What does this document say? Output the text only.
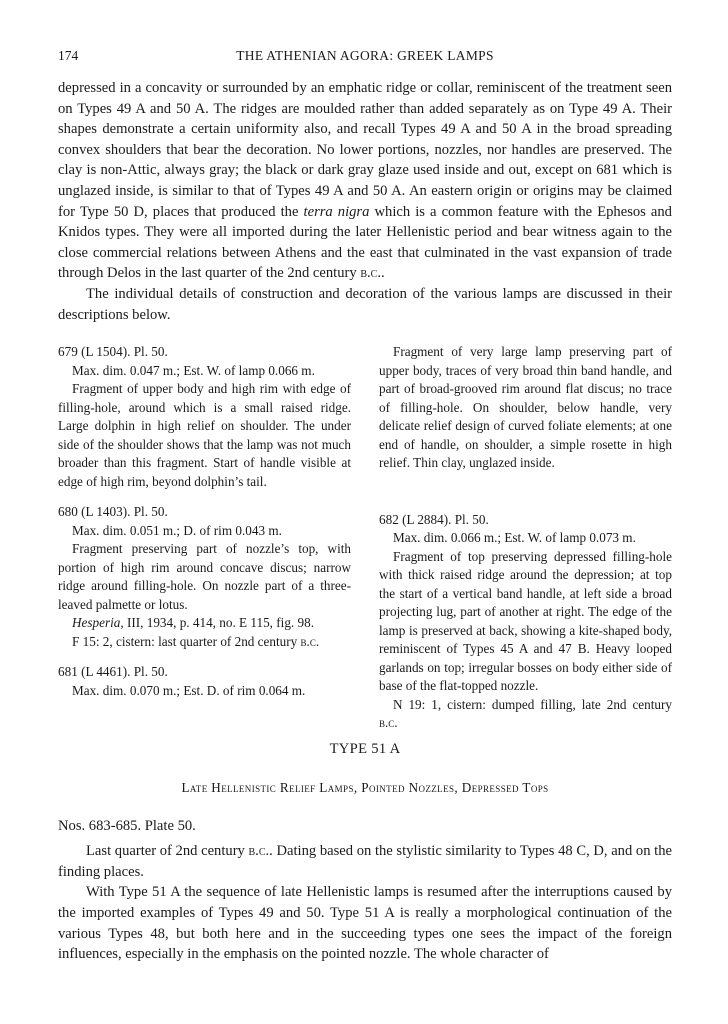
174	THE ATHENIAN AGORA: GREEK LAMPS

depressed in a concavity or surrounded by an emphatic ridge or collar, reminiscent of the treatment seen on Types 49 A and 50 A. The ridges are moulded rather than added separately as on Type 49 A. Their shapes demonstrate a certain uniformity also, and recall Types 49 A and 50 A in the broad spreading convex shoulders that bear the decoration. No lower portions, nozzles, nor handles are preserved. The clay is non-Attic, always gray; the black or dark gray glaze used inside and out, except on 681 which is unglazed inside, is similar to that of Types 49 A and 50 A. An eastern origin or origins may be claimed for Type 50 D, places that produced the terra nigra which is a common feature with the Ephesos and Knidos types. They were all imported during the later Hellenistic period and bear witness again to the close commercial relations between Athens and the east that culminated in the vast expansion of trade through Delos in the last quarter of the 2nd century b.c..

The individual details of construction and decoration of the various lamps are discussed in their descriptions below.

679 (L 1504). Pl. 50.

Max. dim. 0.047 m.; Est. W. of lamp 0.066 m.

Fragment of upper body and high rim with edge of filling-hole, around which is a small raised ridge. Large dolphin in high relief on shoulder. The under side of the shoulder shows that the lamp was not much broader than this fragment. Start of handle visible at edge of high rim, beyond dolphin’s tail.

680 (L 1403). Pl. 50.

Max. dim. 0.051 m.; D. of rim 0.043 m.

Fragment preserving part of nozzle’s top, with portion of high rim around concave discus; narrow ridge around filling-hole. On nozzle part of a three-leaved palmette or lotus.

Hesperia, III, 1934, p. 414, no. E 115, fig. 98.

F 15: 2, cistern: last quarter of 2nd century b.c.

681 (L 4461). Pl. 50.

Max. dim. 0.070 m.; Est. D. of rim 0.064 m.

Fragment of very large lamp preserving part of upper body, traces of very broad thin band handle, and part of broad-grooved rim around flat discus; no trace of filling-hole. On shoulder, below handle, very delicate relief design of curved foliate elements; at one end of handle, on shoulder, a simple rosette in high relief. Thin clay, unglazed inside.

682 (L 2884). Pl. 50.

Max. dim. 0.066 m.; Est. W. of lamp 0.073 m.

Fragment of top preserving depressed filling-hole with thick raised ridge around the depression; at top the start of a vertical band handle, at left side a broad projecting lug, part of another at right. The edge of the lamp is preserved at back, showing a kite-shaped body, reminiscent of Types 45 A and 47 B. Heavy looped garlands on top; irregular bosses on body either side of base of the flat-topped nozzle.

N 19: 1, cistern: dumped filling, late 2nd century b.c.

TYPE 51 A

Late Hellenistic Relief Lamps, Pointed Nozzles, Depressed Tops

Nos. 683-685. Plate 50.

Last quarter of 2nd century b.c.. Dating based on the stylistic similarity to Types 48 C, D, and on the finding places.

With Type 51 A the sequence of late Hellenistic lamps is resumed after the interruptions caused by the imported examples of Types 49 and 50. Type 51 A is really a morphological continuation of the various Types 48, but both here and in the succeeding types one sees the impact of the foreign influences, especially in the emphasis on the pointed nozzle. The whole character of
